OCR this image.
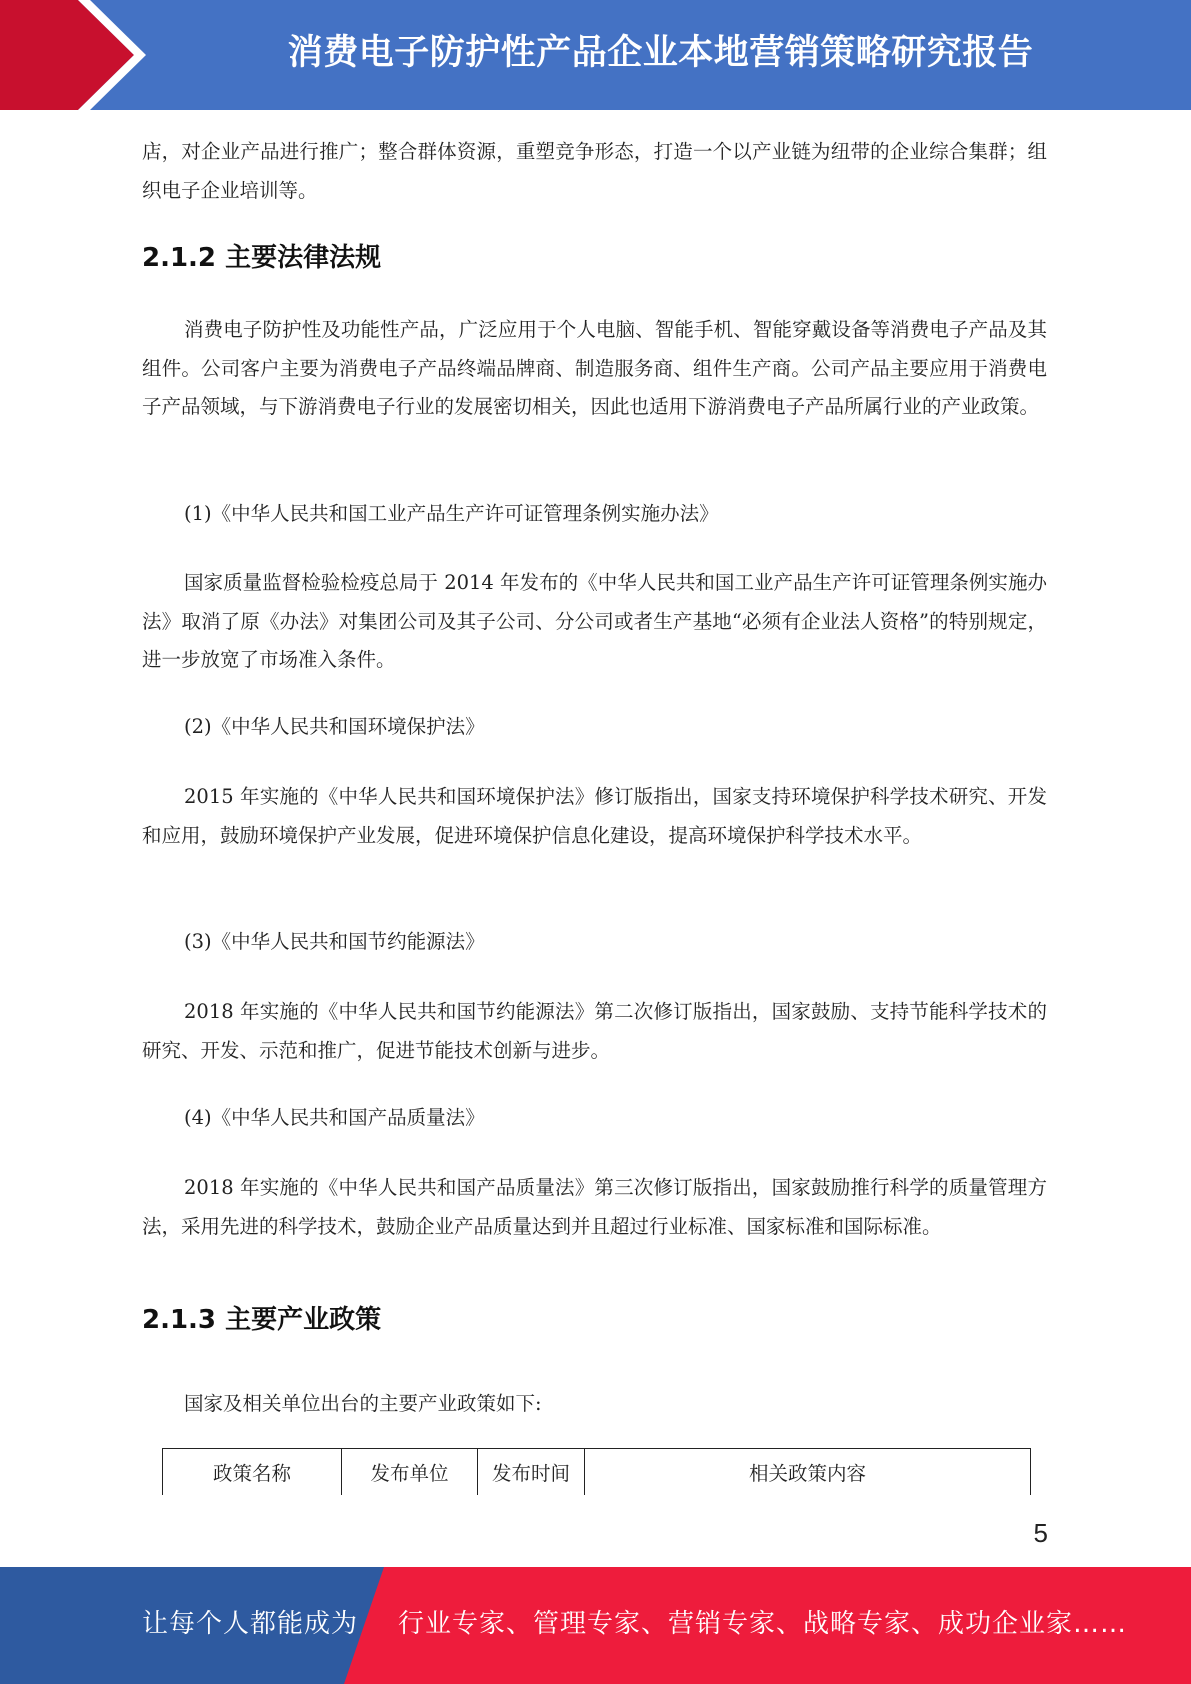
消费电子防护性产品企业本地营销策略研究报告

店，对企业产品进行推广；整合群体资源，重塑竞争形态，打造一个以产业链为纽带的企业综合集群；组织电子企业培训等。

2.1.2 主要法律法规

消费电子防护性及功能性产品，广泛应用于个人电脑、智能手机、智能穿戴设备等消费电子产品及其组件。公司客户主要为消费电子产品终端品牌商、制造服务商、组件生产商。公司产品主要应用于消费电子产品领域，与下游消费电子行业的发展密切相关，因此也适用下游消费电子产品所属行业的产业政策。

(1)《中华人民共和国工业产品生产许可证管理条例实施办法》

国家质量监督检验检疫总局于 2014 年发布的《中华人民共和国工业产品生产许可证管理条例实施办法》取消了原《办法》对集团公司及其子公司、分公司或者生产基地“必须有企业法人资格”的特别规定，进一步放宽了市场准入条件。

(2)《中华人民共和国环境保护法》

2015 年实施的《中华人民共和国环境保护法》修订版指出，国家支持环境保护科学技术研究、开发和应用，鼓励环境保护产业发展，促进环境保护信息化建设，提高环境保护科学技术水平。

(3)《中华人民共和国节约能源法》

2018 年实施的《中华人民共和国节约能源法》第二次修订版指出，国家鼓励、支持节能科学技术的研究、开发、示范和推广，促进节能技术创新与进步。

(4)《中华人民共和国产品质量法》

2018 年实施的《中华人民共和国产品质量法》第三次修订版指出，国家鼓励推行科学的质量管理方法，采用先进的科学技术，鼓励企业产品质量达到并且超过行业标准、国家标准和国际标准。

2.1.3 主要产业政策

国家及相关单位出台的主要产业政策如下:

政策名称	发布单位	发布时间	相关政策内容
5
让每个人都能成为 行业专家、管理专家、营销专家、战略专家、成功企业家……
